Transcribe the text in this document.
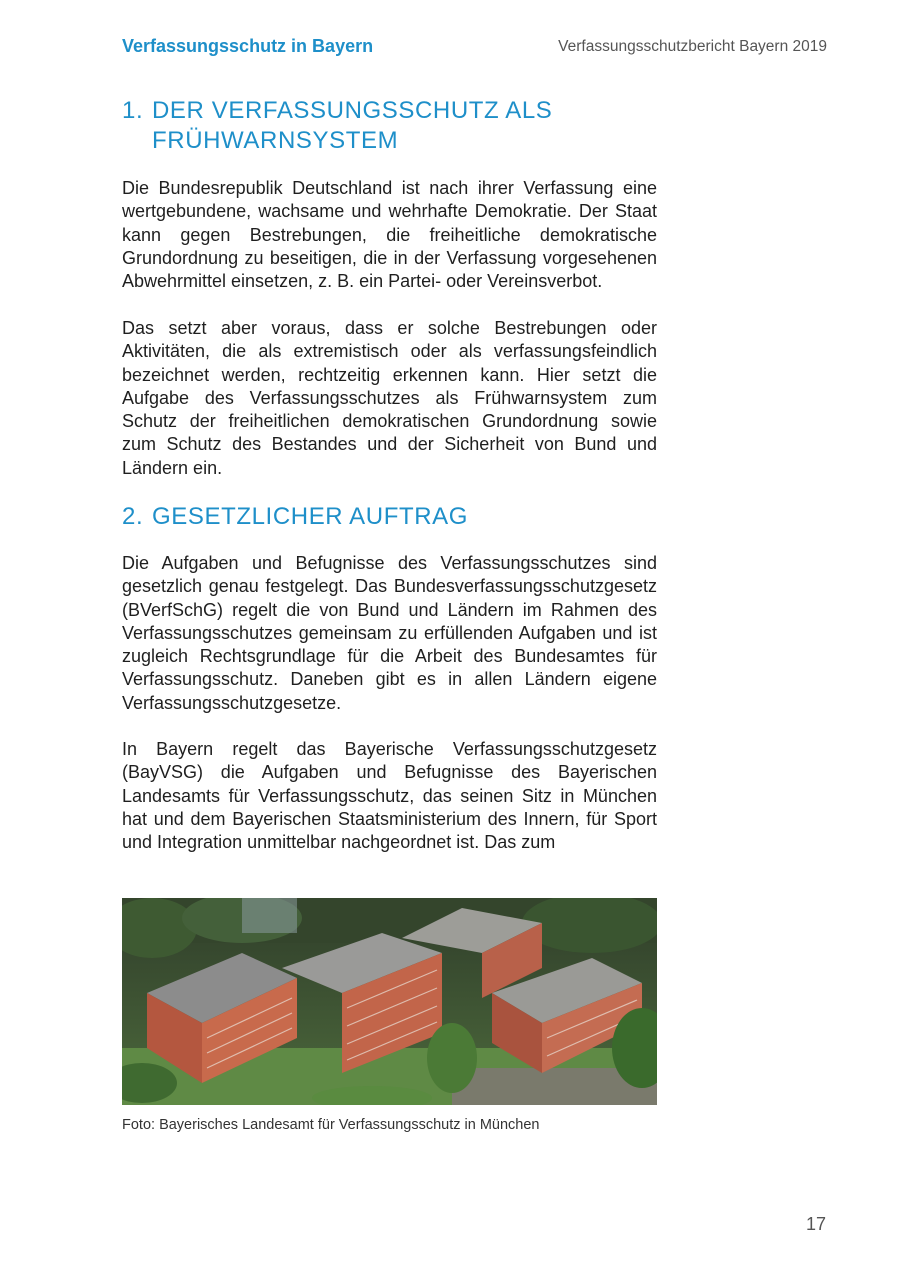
Verfassungsschutz in Bayern	Verfassungsschutzbericht Bayern 2019
1. DER VERFASSUNGSSCHUTZ ALS
FRÜHWARNSYSTEM

Die Bundesrepublik Deutschland ist nach ihrer Verfassung eine wertgebundene, wachsame und wehrhafte Demokratie. Der Staat kann gegen Bestrebungen, die freiheitliche demokratische Grundordnung zu beseitigen, die in der Verfassung vorgesehenen Abwehrmittel einsetzen, z. B. ein Partei- oder Vereinsverbot.

Das setzt aber voraus, dass er solche Bestrebungen oder Aktivitäten, die als extremistisch oder als verfassungsfeindlich bezeichnet werden, rechtzeitig erkennen kann. Hier setzt die Aufgabe des Verfassungsschutzes als Frühwarnsystem zum Schutz der freiheitlichen demokratischen Grundordnung sowie zum Schutz des Bestandes und der Sicherheit von Bund und Ländern ein.

2. GESETZLICHER AUFTRAG

Die Aufgaben und Befugnisse des Verfassungsschutzes sind gesetzlich genau festgelegt. Das Bundesverfassungsschutzgesetz (BVerfSchG) regelt die von Bund und Ländern im Rahmen des Verfassungsschutzes gemeinsam zu erfüllenden Aufgaben und ist zugleich Rechtsgrundlage für die Arbeit des Bundesamtes für Verfassungsschutz. Daneben gibt es in allen Ländern eigene Verfassungsschutzgesetze.

In Bayern regelt das Bayerische Verfassungsschutzgesetz (BayVSG) die Aufgaben und Befugnisse des Bayerischen Landesamts für Verfassungsschutz, das seinen Sitz in München hat und dem Bayerischen Staatsministerium des Innern, für Sport und Integration unmittelbar nachgeordnet ist. Das zum

Foto: Bayerisches Landesamt für Verfassungsschutz in München
17
